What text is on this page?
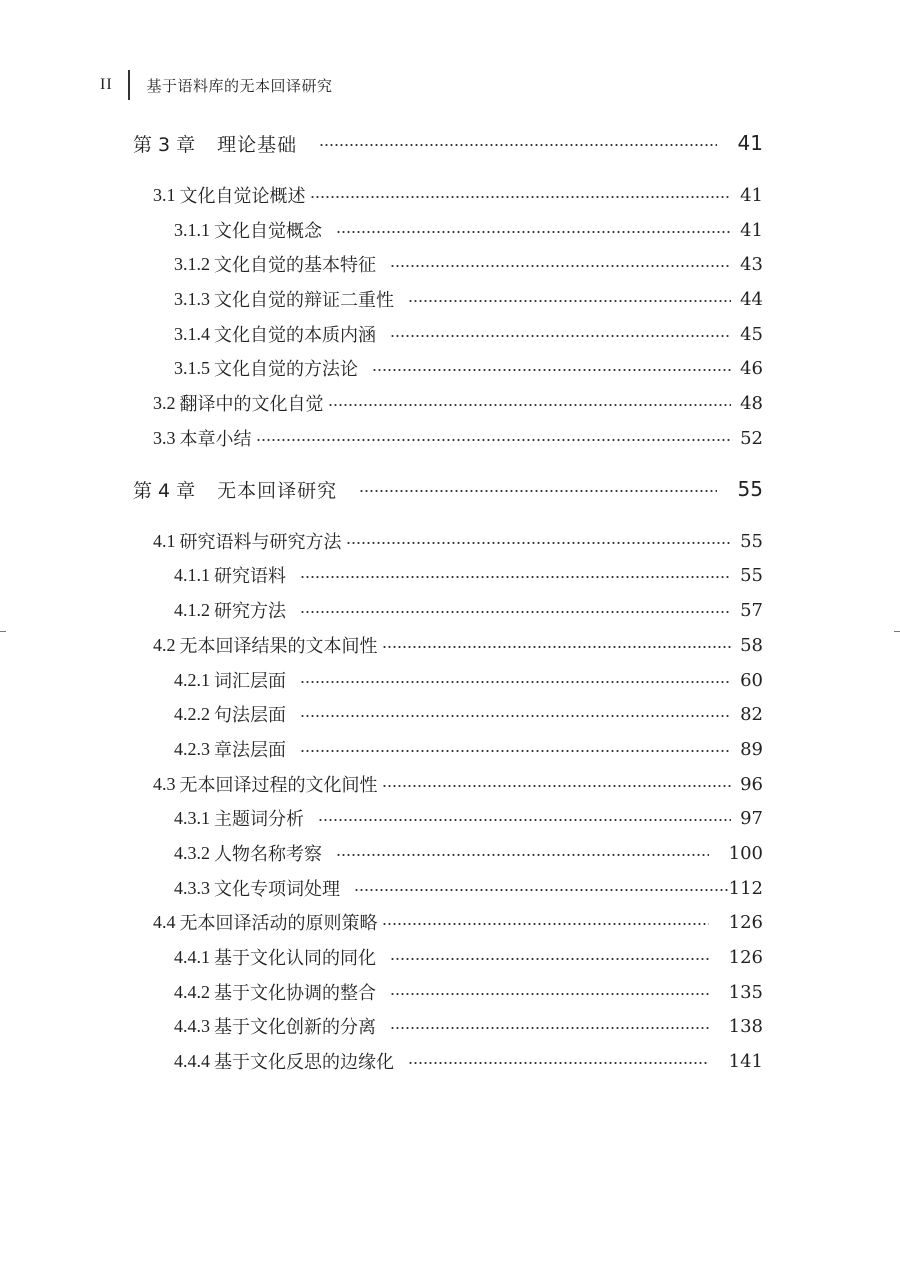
II	基于语料库的无本回译研究
第 3 章 理论基础	41
3.1 文化自觉论概述	41
3.1.1 文化自觉概念	41
3.1.2 文化自觉的基本特征	43
3.1.3 文化自觉的辩证二重性	44
3.1.4 文化自觉的本质内涵	45
3.1.5 文化自觉的方法论	46
3.2 翻译中的文化自觉	48
3.3 本章小结	52
第 4 章 无本回译研究	55
4.1 研究语料与研究方法	55
4.1.1 研究语料	55
4.1.2 研究方法	57
4.2 无本回译结果的文本间性	58
4.2.1 词汇层面	60
4.2.2 句法层面	82
4.2.3 章法层面	89
4.3 无本回译过程的文化间性	96
4.3.1 主题词分析	97
4.3.2 人物名称考察	100
4.3.3 文化专项词处理	112
4.4 无本回译活动的原则策略	126
4.4.1 基于文化认同的同化	126
4.4.2 基于文化协调的整合	135
4.4.3 基于文化创新的分离	138
4.4.4 基于文化反思的边缘化	141
